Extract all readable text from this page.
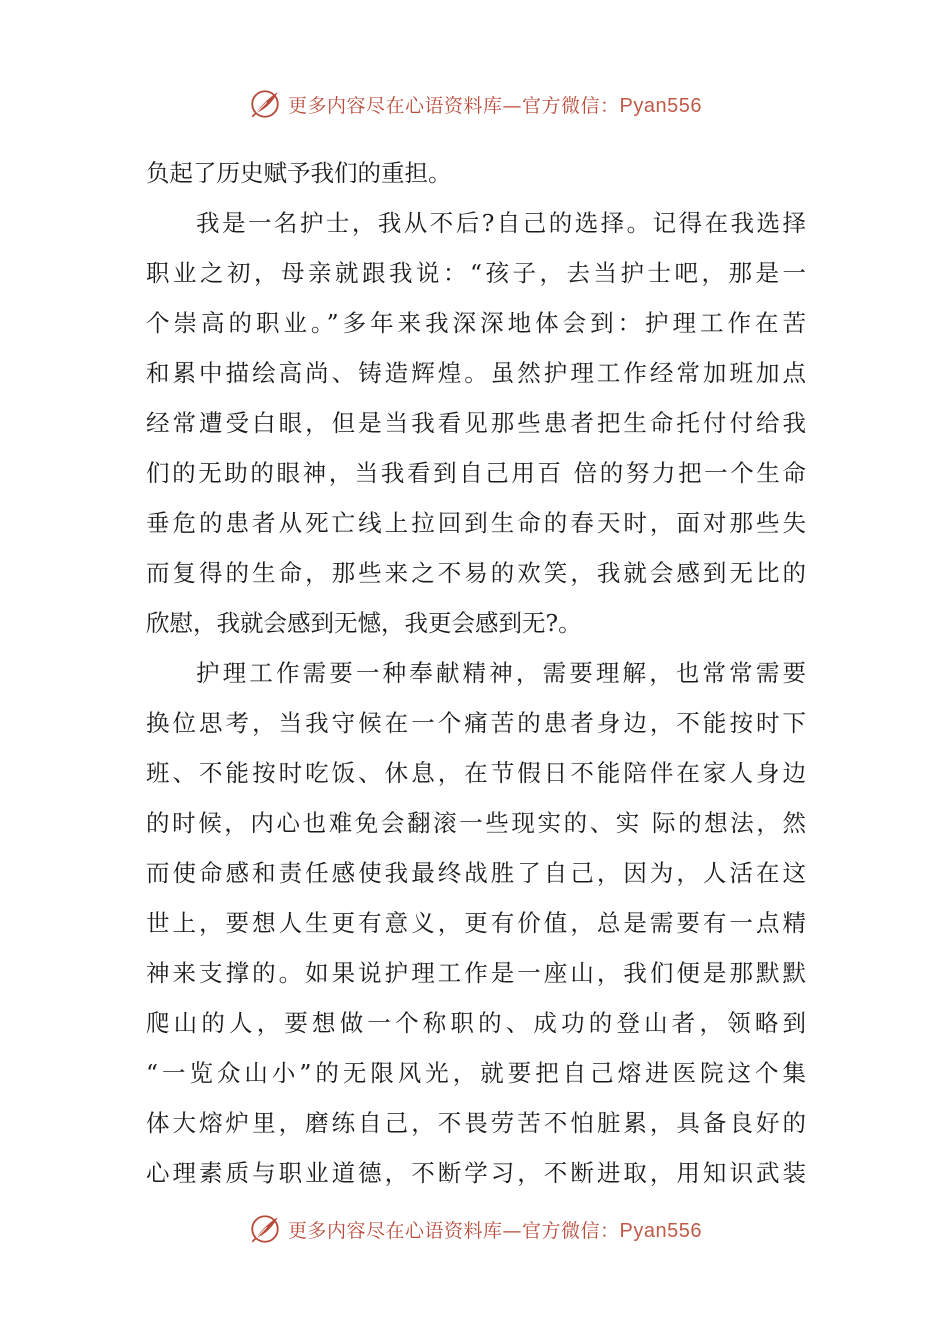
更多内容尽在心语资料库—官方微信：Pyan556
负起了历史赋予我们的重担。
我是一名护士，我从不后?自己的选择。记得在我选择
职业之初，母亲就跟我说：“孩子，去当护士吧，那是一
个崇高的职业。”多年来我深深地体会到：护理工作在苦
和累中描绘高尚、铸造辉煌。虽然护理工作经常加班加点
经常遭受白眼，但是当我看见那些患者把生命托付付给我
们的无助的眼神，当我看到自己用百 倍的努力把一个生命
垂危的患者从死亡线上拉回到生命的春天时，面对那些失
而复得的生命，那些来之不易的欢笑，我就会感到无比的
欣慰，我就会感到无憾，我更会感到无?。
护理工作需要一种奉献精神，需要理解，也常常需要
换位思考，当我守候在一个痛苦的患者身边，不能按时下
班、不能按时吃饭、休息，在节假日不能陪伴在家人身边
的时候，内心也难免会翻滚一些现实的、实 际的想法，然
而使命感和责任感使我最终战胜了自己，因为，人活在这
世上，要想人生更有意义，更有价值，总是需要有一点精
神来支撑的。如果说护理工作是一座山，我们便是那默默
爬山的人，要想做一个称职的、成功的登山者，领略到
“一览众山小”的无限风光，就要把自己熔进医院这个集
体大熔炉里，磨练自己，不畏劳苦不怕脏累，具备良好的
心理素质与职业道德，不断学习，不断进取，用知识武装
更多内容尽在心语资料库—官方微信：Pyan556
